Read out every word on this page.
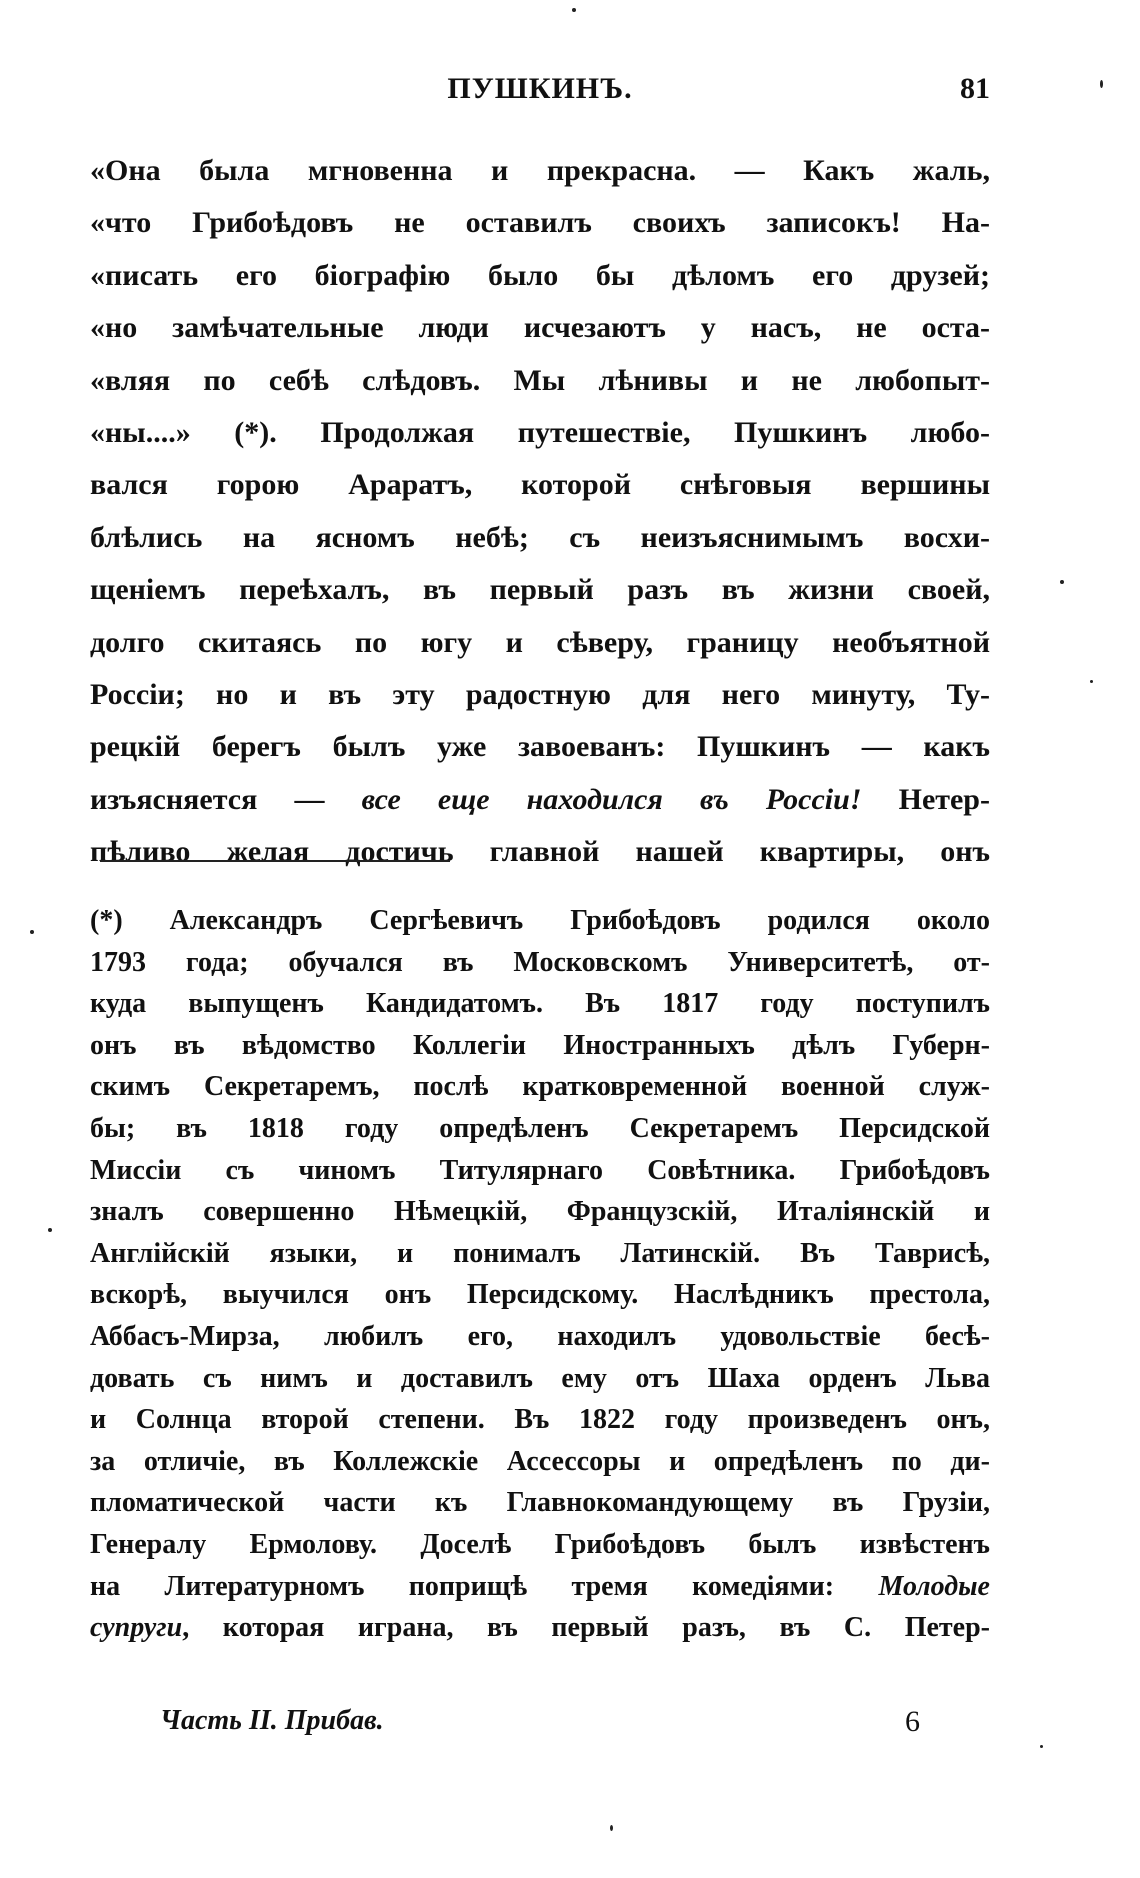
ПУШКИНЪ.	81
«Она была мгновенна и прекрасна. — Какъ жаль,
«что Грибоѣдовъ не оставилъ своихъ записокъ! На-
«писать его біографію было бы дѣломъ его друзей;
«но замѣчательные люди исчезаютъ у насъ, не оста-
«вляя по себѣ слѣдовъ. Мы лѣнивы и не любопыт-
«ны....» (*). Продолжая путешествіе, Пушкинъ любо-
вался горою Араратъ, которой снѣговыя вершины
блѣлись на ясномъ небѣ; съ неизъяснимымъ восхи-
щеніемъ переѣхалъ, въ первый разъ въ жизни своей,
долго скитаясь по югу и сѣверу, границу необъятной
Россіи; но и въ эту радостную для него минуту, Ту-
рецкій берегъ былъ уже завоеванъ: Пушкинъ — какъ
изъясняется — все еще находился въ Россіи! Нетер-
пѣливо желая достичь главной нашей квартиры, онъ
(*) Александръ Сергѣевичъ Грибоѣдовъ родился около
1793 года; обучался въ Московскомъ Университетѣ, от-
куда выпущенъ Кандидатомъ. Въ 1817 году поступилъ
онъ въ вѣдомство Коллегіи Иностранныхъ дѣлъ Губерн-
скимъ Секретаремъ, послѣ кратковременной военной служ-
бы; въ 1818 году опредѣленъ Секретаремъ Персидской
Миссіи съ чиномъ Титулярнаго Совѣтника. Грибоѣдовъ
зналъ совершенно Нѣмецкій, Французскій, Италіянскій и
Англійскій языки, и понималъ Латинскій. Въ Таврисѣ,
вскорѣ, выучился онъ Персидскому. Наслѣдникъ престола,
Аббасъ-Мирза, любилъ его, находилъ удовольствіе бесѣ-
довать съ нимъ и доставилъ ему отъ Шаха орденъ Льва
и Солнца второй степени. Въ 1822 году произведенъ онъ,
за отличіе, въ Коллежскіе Ассессоры и опредѣленъ по ди-
пломатической части къ Главнокомандующему въ Грузіи,
Генералу Ермолову. Доселѣ Грибоѣдовъ былъ извѣстенъ
на Литературномъ поприщѣ тремя комедіями: Молодые
супруги, которая играна, въ первый разъ, въ С. Петер-
Часть II. Прибав.	6
